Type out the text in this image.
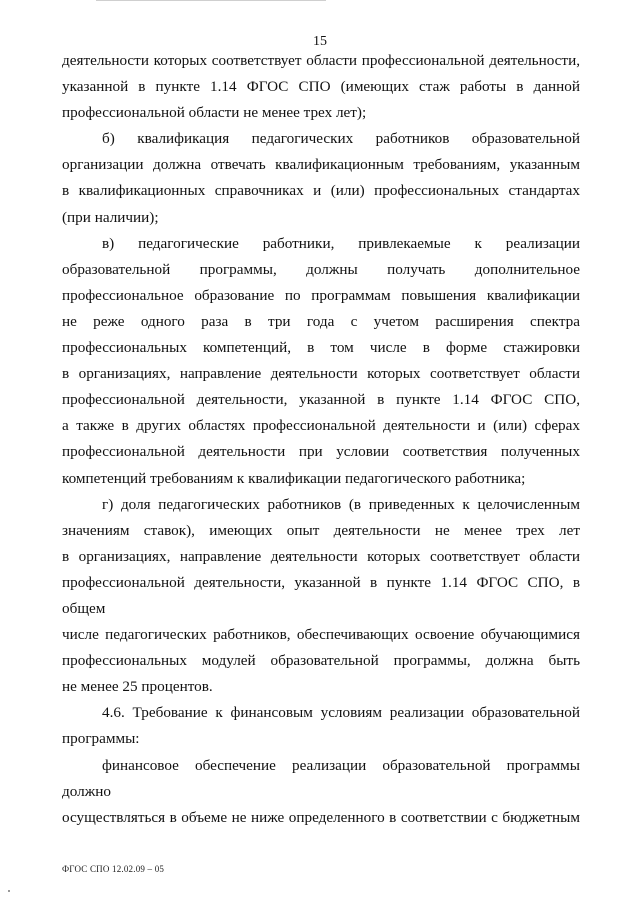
15

деятельности которых соответствует области профессиональной деятельности,

указанной в пункте 1.14 ФГОС СПО (имеющих стаж работы в данной

профессиональной области не менее трех лет);

б) квалификация педагогических работников образовательной

организации должна отвечать квалификационным требованиям, указанным

в квалификационных справочниках и (или) профессиональных стандартах

(при наличии);

в) педагогические работники, привлекаемые к реализации

образовательной программы, должны получать дополнительное

профессиональное образование по программам повышения квалификации

не реже одного раза в три года с учетом расширения спектра

профессиональных компетенций, в том числе в форме стажировки

в организациях, направление деятельности которых соответствует области

профессиональной деятельности, указанной в пункте 1.14 ФГОС СПО,

а также в других областях профессиональной деятельности и (или) сферах

профессиональной деятельности при условии соответствия полученных

компетенций требованиям к квалификации педагогического работника;

г) доля педагогических работников (в приведенных к целочисленным

значениям ставок), имеющих опыт деятельности не менее трех лет

в организациях, направление деятельности которых соответствует области

профессиональной деятельности, указанной в пункте 1.14 ФГОС СПО, в общем

числе педагогических работников, обеспечивающих освоение обучающимися

профессиональных модулей образовательной программы, должна быть

не менее 25 процентов.

4.6. Требование к финансовым условиям реализации образовательной

программы:

финансовое обеспечение реализации образовательной программы должно

осуществляться в объеме не ниже определенного в соответствии с бюджетным

ФГОС СПО 12.02.09 – 05
